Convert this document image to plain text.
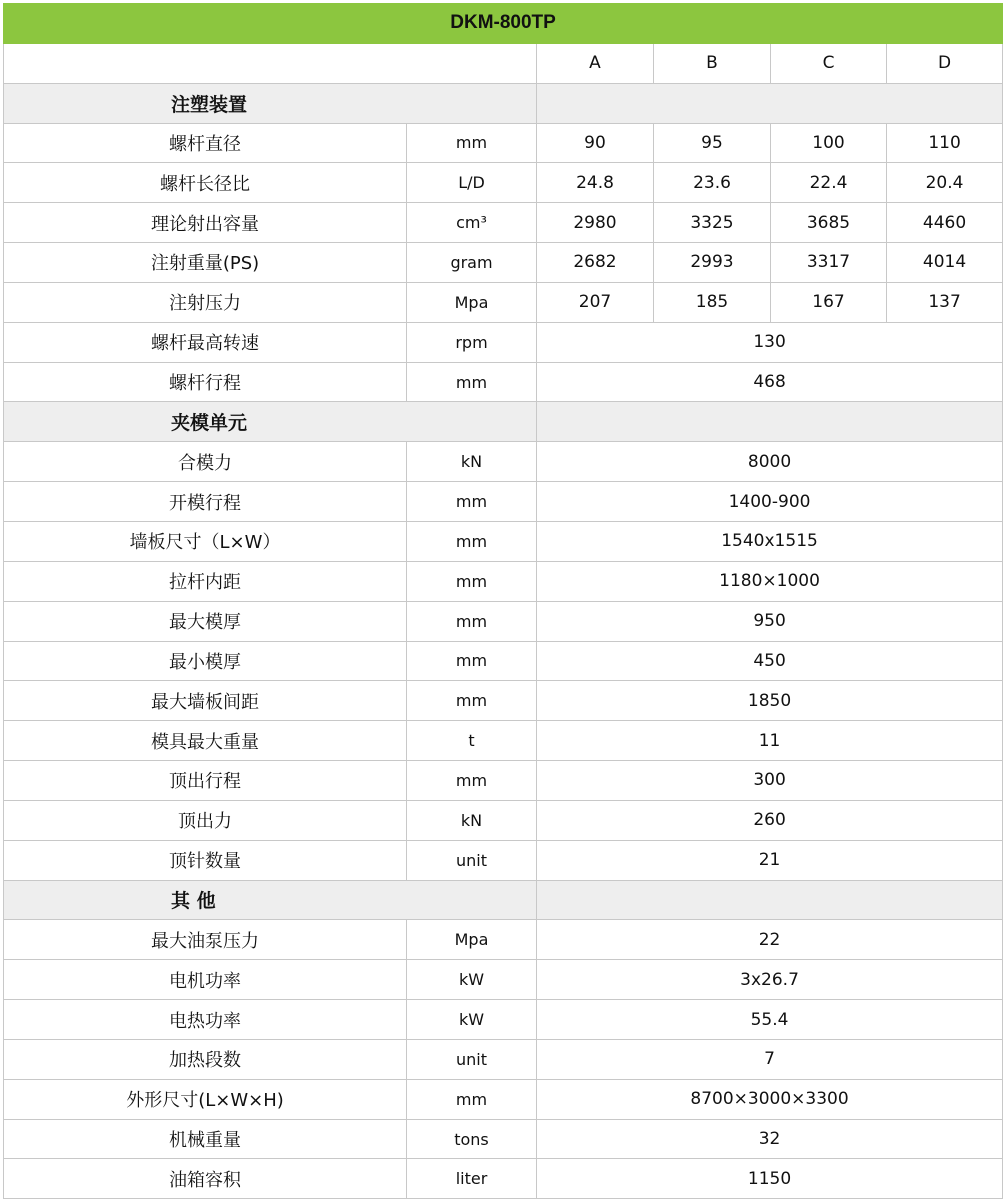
DKM-800TP					
		A	B	C	D
注塑装置					
螺杆直径	mm	90	95	100	110
螺杆长径比	L/D	24.8	23.6	22.4	20.4
理论射出容量	cm³	2980	3325	3685	4460
注射重量(PS)	gram	2682	2993	3317	4014
注射压力	Mpa	207	185	167	137
螺杆最高转速	rpm	130			
螺杆行程	mm	468			
夹模单元					
合模力	kN	8000			
开模行程	mm	1400-900			
墙板尺寸（L×W）	mm	1540x1515			
拉杆内距	mm	1180×1000			
最大模厚	mm	950			
最小模厚	mm	450			
最大墙板间距	mm	1850			
模具最大重量	t	11			
顶出行程	mm	300			
顶出力	kN	260			
顶针数量	unit	21			
其 他					
最大油泵压力	Mpa	22			
电机功率	kW	3x26.7			
电热功率	kW	55.4			
加热段数	unit	7			
外形尺寸(L×W×H)	mm	8700×3000×3300			
机械重量	tons	32			
油箱容积	liter	1150			
